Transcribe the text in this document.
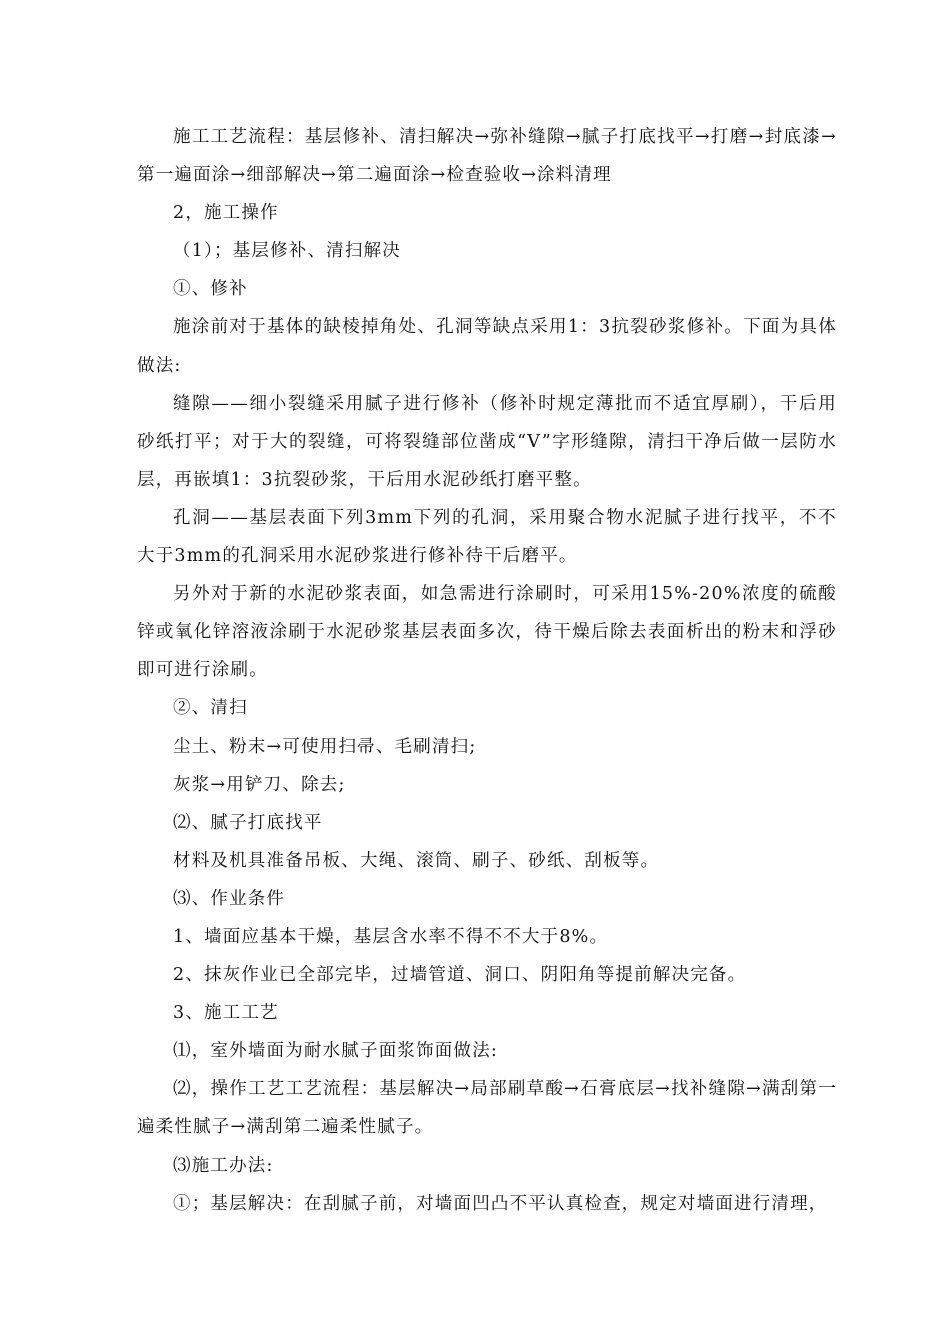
施工工艺流程：基层修补、清扫解决→弥补缝隙→腻子打底找平→打磨→封底漆→第一遍面涂→细部解决→第二遍面涂→检查验收→涂料清理

2，施工操作

（1）；基层修补、清扫解决

①、修补

施涂前对于基体的缺棱掉角处、孔洞等缺点采用1：3抗裂砂浆修补。下面为具体做法:

缝隙——细小裂缝采用腻子进行修补（修补时规定薄批而不适宜厚刷），干后用砂纸打平；对于大的裂缝，可将裂缝部位凿成“V”字形缝隙，清扫干净后做一层防水层，再嵌填1：3抗裂砂浆，干后用水泥砂纸打磨平整。

孔洞——基层表面下列3mm下列的孔洞，采用聚合物水泥腻子进行找平，不不大于3mm的孔洞采用水泥砂浆进行修补待干后磨平。

另外对于新的水泥砂浆表面，如急需进行涂刷时，可采用15%-20%浓度的硫酸锌或氧化锌溶液涂刷于水泥砂浆基层表面多次，待干燥后除去表面析出的粉末和浮砂即可进行涂刷。

②、清扫

尘土、粉末→可使用扫帚、毛刷清扫;

灰浆→用铲刀、除去;

⑵、腻子打底找平

材料及机具准备吊板、大绳、滚筒、刷子、砂纸、刮板等。

⑶、作业条件

1、墙面应基本干燥，基层含水率不得不不大于8%。

2、抹灰作业已全部完毕，过墙管道、洞口、阴阳角等提前解决完备。

3、施工工艺

⑴，室外墙面为耐水腻子面浆饰面做法:

⑵，操作工艺工艺流程：基层解决→局部刷草酸→石膏底层→找补缝隙→满刮第一遍柔性腻子→满刮第二遍柔性腻子。

⑶施工办法:

①；基层解决：在刮腻子前，对墙面凹凸不平认真检查，规定对墙面进行清理，
